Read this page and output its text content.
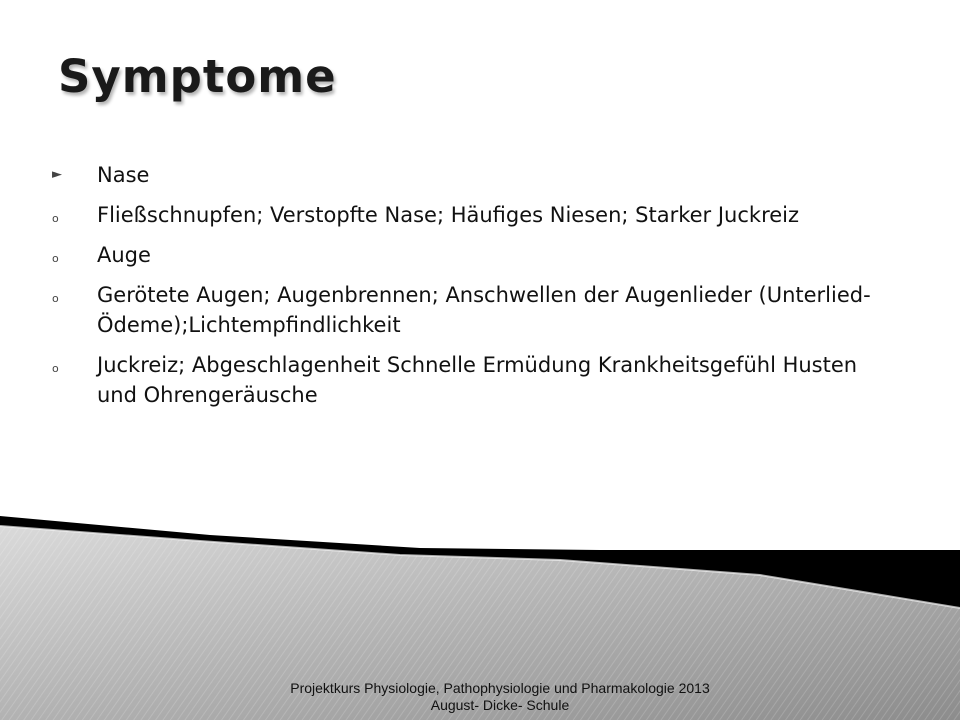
Symptome
► Nase
o Fließschnupfen; Verstopfte Nase; Häufiges Niesen; Starker Juckreiz
o Auge
o Gerötete Augen; Augenbrennen; Anschwellen der Augenlieder (Unterlied-Ödeme);Lichtempfindlichkeit
o Juckreiz; Abgeschlagenheit Schnelle Ermüdung Krankheitsgefühl Husten und Ohrengeräusche

Projektkurs Physiologie, Pathophysiologie und Pharmakologie 2013
August- Dicke- Schule
